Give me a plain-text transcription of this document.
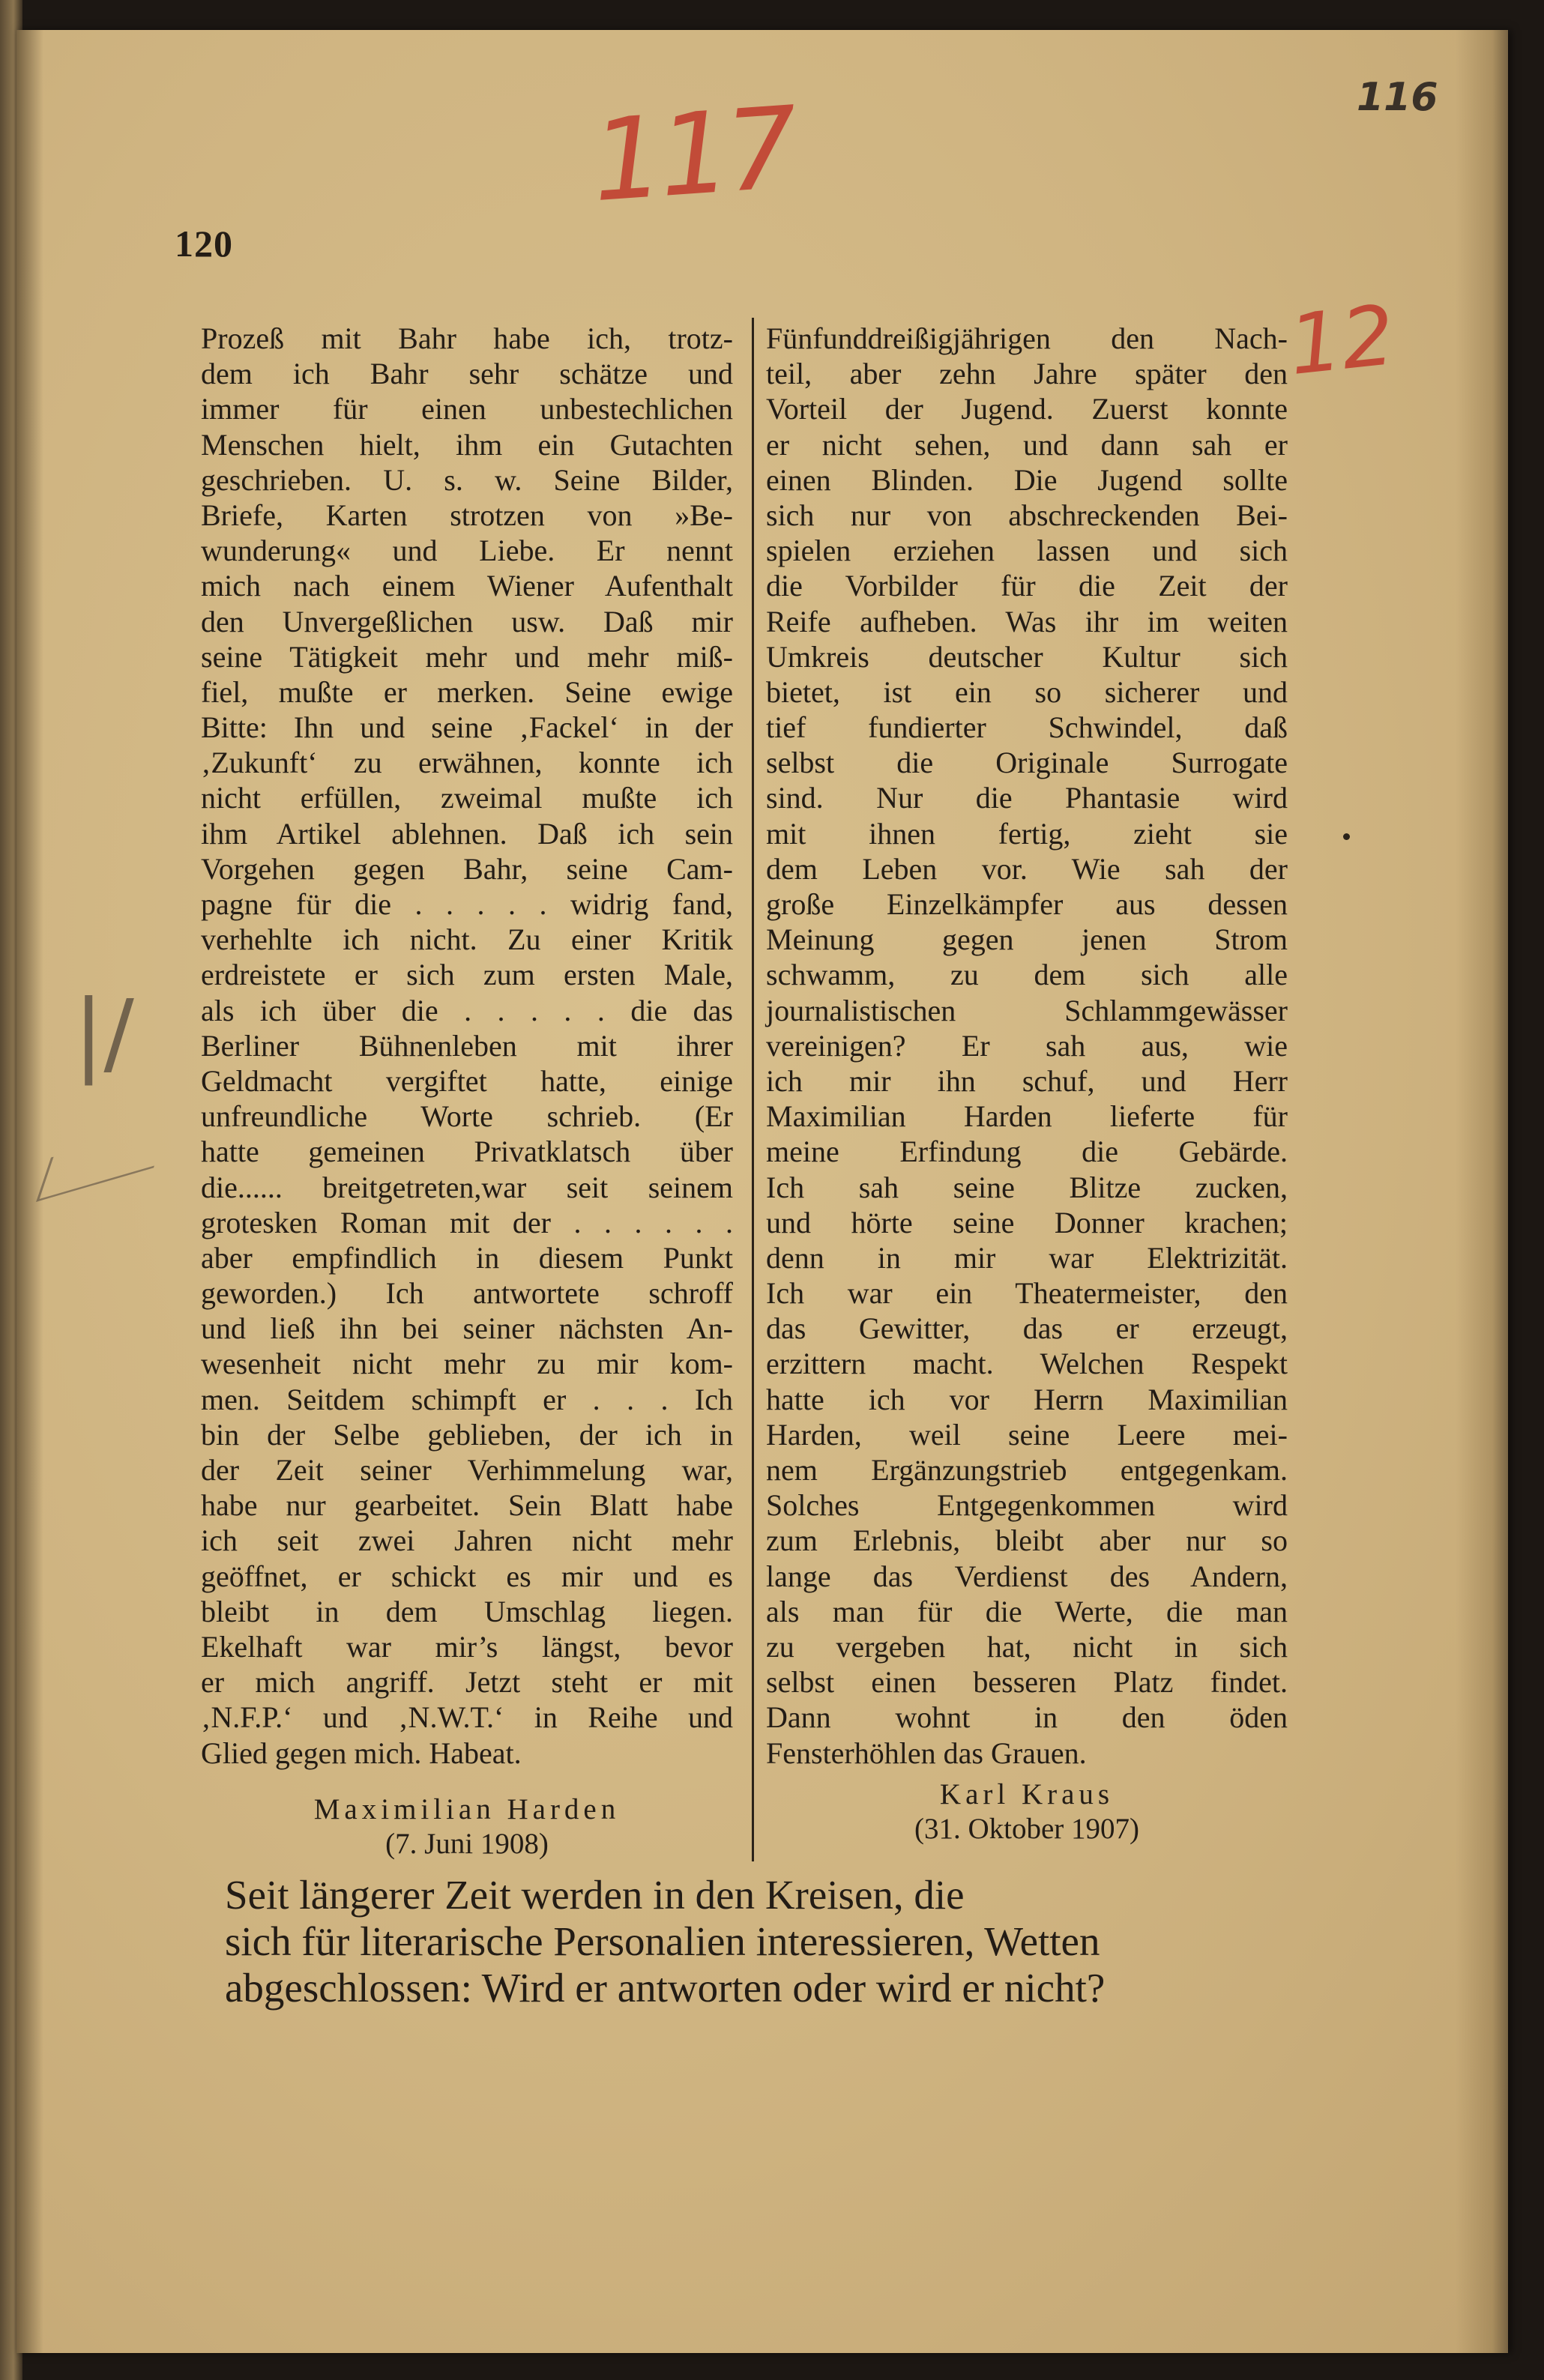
116
117
12
|/
120
Prozeß mit Bahr habe ich, trotz-
dem ich Bahr sehr schätze und
immer für einen unbestechlichen
Menschen hielt, ihm ein Gutachten
geschrieben. U. s. w. Seine Bilder,
Briefe, Karten strotzen von »Be-
wunderung« und Liebe. Er nennt
mich nach einem Wiener Aufenthalt
den Unvergeßlichen usw. Daß mir
seine Tätigkeit mehr und mehr miß-
fiel, mußte er merken. Seine ewige
Bitte: Ihn und seine ‚Fackel‘ in der
‚Zukunft‘ zu erwähnen, konnte ich
nicht erfüllen, zweimal mußte ich
ihm Artikel ablehnen. Daß ich sein
Vorgehen gegen Bahr, seine Cam-
pagne für die . . . . . widrig fand,
verhehlte ich nicht. Zu einer Kritik
erdreistete er sich zum ersten Male,
als ich über die . . . . . die das
Berliner Bühnenleben mit ihrer
Geldmacht vergiftet hatte, einige
unfreundliche Worte schrieb. (Er
hatte gemeinen Privatklatsch über
die...... breitgetreten,war seit seinem
grotesken Roman mit der . . . . . .
aber empfindlich in diesem Punkt
geworden.) Ich antwortete schroff
und ließ ihn bei seiner nächsten An-
wesenheit nicht mehr zu mir kom-
men. Seitdem schimpft er . . . Ich
bin der Selbe geblieben, der ich in
der Zeit seiner Verhimmelung war,
habe nur gearbeitet. Sein Blatt habe
ich seit zwei Jahren nicht mehr
geöffnet, er schickt es mir und es
bleibt in dem Umschlag liegen.
Ekelhaft war mir’s längst, bevor
er mich angriff. Jetzt steht er mit
‚N.F.P.‘ und ‚N.W.T.‘ in Reihe und
Glied gegen mich. Habeat.
Fünfunddreißigjährigen den Nach-
teil, aber zehn Jahre später den
Vorteil der Jugend. Zuerst konnte
er nicht sehen, und dann sah er
einen Blinden. Die Jugend sollte
sich nur von abschreckenden Bei-
spielen erziehen lassen und sich
die Vorbilder für die Zeit der
Reife aufheben. Was ihr im weiten
Umkreis deutscher Kultur sich
bietet, ist ein so sicherer und
tief fundierter Schwindel, daß
selbst die Originale Surrogate
sind. Nur die Phantasie wird
mit ihnen fertig, zieht sie
dem Leben vor. Wie sah der
große Einzelkämpfer aus dessen
Meinung gegen jenen Strom
schwamm, zu dem sich alle
journalistischen Schlammgewässer
vereinigen? Er sah aus, wie
ich mir ihn schuf, und Herr
Maximilian Harden lieferte für
meine Erfindung die Gebärde.
Ich sah seine Blitze zucken,
und hörte seine Donner krachen;
denn in mir war Elektrizität.
Ich war ein Theatermeister, den
das Gewitter, das er erzeugt,
erzittern macht. Welchen Respekt
hatte ich vor Herrn Maximilian
Harden, weil seine Leere mei-
nem Ergänzungstrieb entgegenkam.
Solches Entgegenkommen wird
zum Erlebnis, bleibt aber nur so
lange das Verdienst des Andern,
als man für die Werte, die man
zu vergeben hat, nicht in sich
selbst einen besseren Platz findet.
Dann wohnt in den öden
Fensterhöhlen das Grauen.
Maximilian Harden
(7. Juni 1908)
Karl Kraus
(31. Oktober 1907)
Seit längerer Zeit werden in den Kreisen, die
sich für literarische Personalien interessieren, Wetten
abgeschlossen: Wird er antworten oder wird er nicht?
